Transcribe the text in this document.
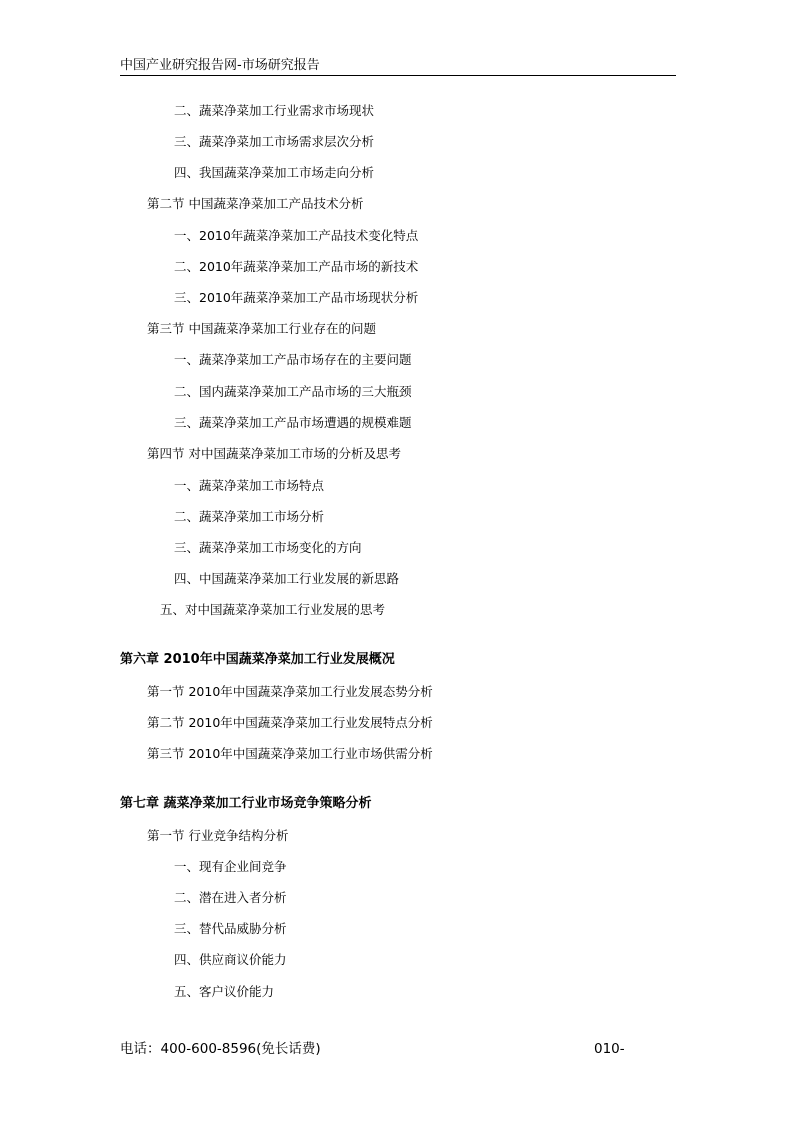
中国产业研究报告网-市场研究报告
二、蔬菜净菜加工行业需求市场现状
三、蔬菜净菜加工市场需求层次分析
四、我国蔬菜净菜加工市场走向分析
第二节 中国蔬菜净菜加工产品技术分析
一、2010年蔬菜净菜加工产品技术变化特点
二、2010年蔬菜净菜加工产品市场的新技术
三、2010年蔬菜净菜加工产品市场现状分析
第三节 中国蔬菜净菜加工行业存在的问题
一、蔬菜净菜加工产品市场存在的主要问题
二、国内蔬菜净菜加工产品市场的三大瓶颈
三、蔬菜净菜加工产品市场遭遇的规模难题
第四节 对中国蔬菜净菜加工市场的分析及思考
一、蔬菜净菜加工市场特点
二、蔬菜净菜加工市场分析
三、蔬菜净菜加工市场变化的方向
四、中国蔬菜净菜加工行业发展的新思路
五、对中国蔬菜净菜加工行业发展的思考
第六章 2010年中国蔬菜净菜加工行业发展概况
第一节 2010年中国蔬菜净菜加工行业发展态势分析
第二节 2010年中国蔬菜净菜加工行业发展特点分析
第三节 2010年中国蔬菜净菜加工行业市场供需分析
第七章 蔬菜净菜加工行业市场竞争策略分析
第一节 行业竞争结构分析
一、现有企业间竞争
二、潜在进入者分析
三、替代品威胁分析
四、供应商议价能力
五、客户议价能力
电话：400-600-8596(免长话费)	010-
